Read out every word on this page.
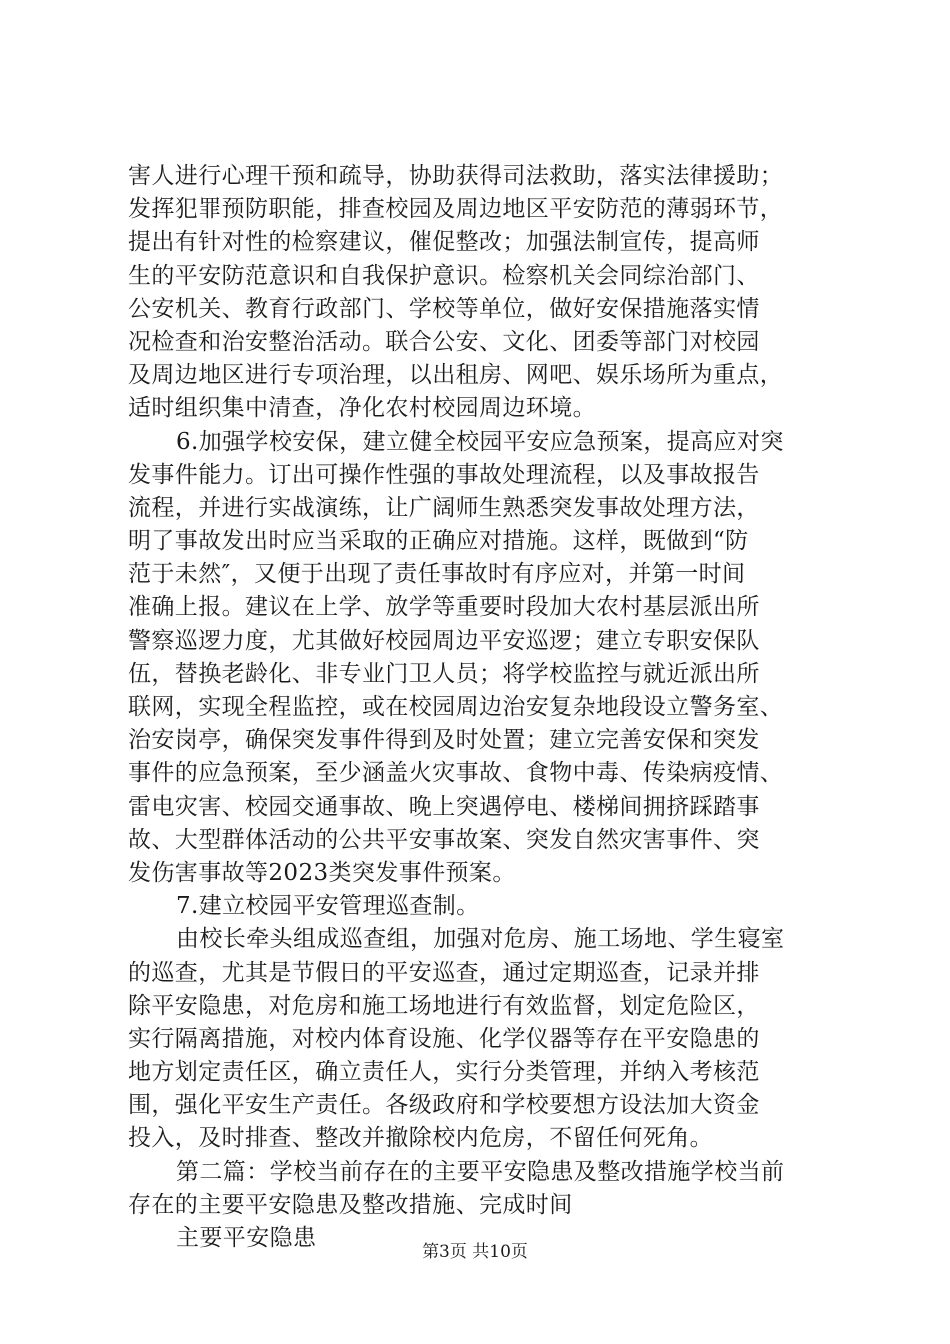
害人进行心理干预和疏导，协助获得司法救助，落实法律援助；
发挥犯罪预防职能，排查校园及周边地区平安防范的薄弱环节，
提出有针对性的检察建议，催促整改；加强法制宣传，提高师
生的平安防范意识和自我保护意识。检察机关会同综治部门、
公安机关、教育行政部门、学校等单位，做好安保措施落实情
况检查和治安整治活动。联合公安、文化、团委等部门对校园
及周边地区进行专项治理，以出租房、网吧、娱乐场所为重点，
适时组织集中清查，净化农村校园周边环境。
6.加强学校安保，建立健全校园平安应急预案，提高应对突
发事件能力。订出可操作性强的事故处理流程，以及事故报告
流程，并进行实战演练，让广阔师生熟悉突发事故处理方法，
明了事故发出时应当采取的正确应对措施。这样，既做到“防
范于未然″，又便于出现了责任事故时有序应对，并第一时间
准确上报。建议在上学、放学等重要时段加大农村基层派出所
警察巡逻力度，尤其做好校园周边平安巡逻；建立专职安保队
伍，替换老龄化、非专业门卫人员；将学校监控与就近派出所
联网，实现全程监控，或在校园周边治安复杂地段设立警务室、
治安岗亭，确保突发事件得到及时处置；建立完善安保和突发
事件的应急预案，至少涵盖火灾事故、食物中毒、传染病疫情、
雷电灾害、校园交通事故、晚上突遇停电、楼梯间拥挤踩踏事
故、大型群体活动的公共平安事故案、突发自然灾害事件、突
发伤害事故等2023类突发事件预案。
7.建立校园平安管理巡查制。
由校长牵头组成巡查组，加强对危房、施工场地、学生寝室
的巡查，尤其是节假日的平安巡查，通过定期巡查，记录并排
除平安隐患，对危房和施工场地进行有效监督，划定危险区，
实行隔离措施，对校内体育设施、化学仪器等存在平安隐患的
地方划定责任区，确立责任人，实行分类管理，并纳入考核范
围，强化平安生产责任。各级政府和学校要想方设法加大资金
投入，及时排查、整改并撤除校内危房，不留任何死角。
第二篇：学校当前存在的主要平安隐患及整改措施学校当前
存在的主要平安隐患及整改措施、完成时间
主要平安隐患
第3页 共10页
